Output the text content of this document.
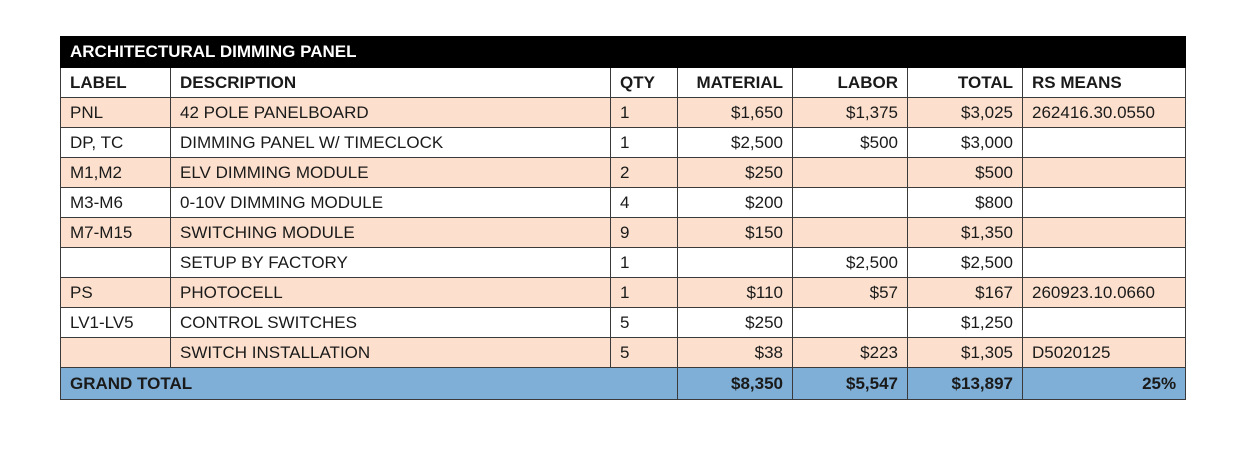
ARCHITECTURAL DIMMING PANEL						
LABEL	DESCRIPTION	QTY	MATERIAL	LABOR	TOTAL	RS MEANS
PNL	42 POLE PANELBOARD	1	$1,650	$1,375	$3,025	262416.30.0550
DP, TC	DIMMING PANEL W/ TIMECLOCK	1	$2,500	$500	$3,000	
M1,M2	ELV DIMMING MODULE	2	$250		$500	
M3-M6	0-10V DIMMING MODULE	4	$200		$800	
M7-M15	SWITCHING MODULE	9	$150		$1,350	
	SETUP BY FACTORY	1		$2,500	$2,500	
PS	PHOTOCELL	1	$110	$57	$167	260923.10.0660
LV1-LV5	CONTROL SWITCHES	5	$250		$1,250	
	SWITCH INSTALLATION	5	$38	$223	$1,305	D5020125
GRAND TOTAL			$8,350	$5,547	$13,897	25%
